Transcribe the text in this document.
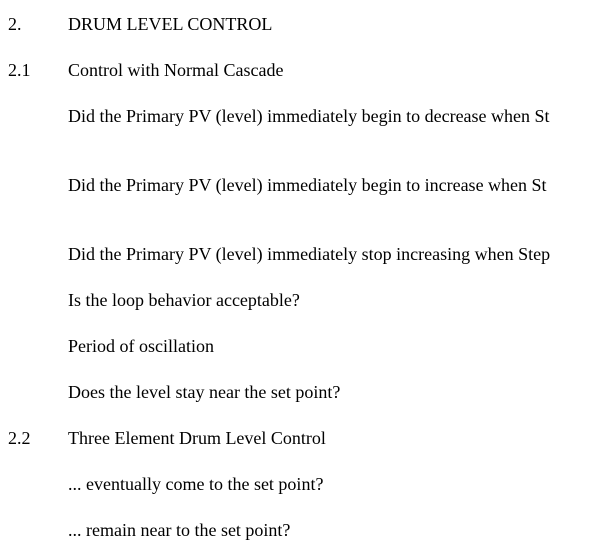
2.	DRUM LEVEL CONTROL
2.1 Control with Normal Cascade
Did the Primary PV (level) immediately begin to decrease when St
Did the Primary PV (level) immediately begin to increase when St
Did the Primary PV (level) immediately stop increasing when Step
Is the loop behavior acceptable?
Period of oscillation
Does the level stay near the set point?
2.2 Three Element Drum Level Control
... eventually come to the set point?
... remain near to the set point?
